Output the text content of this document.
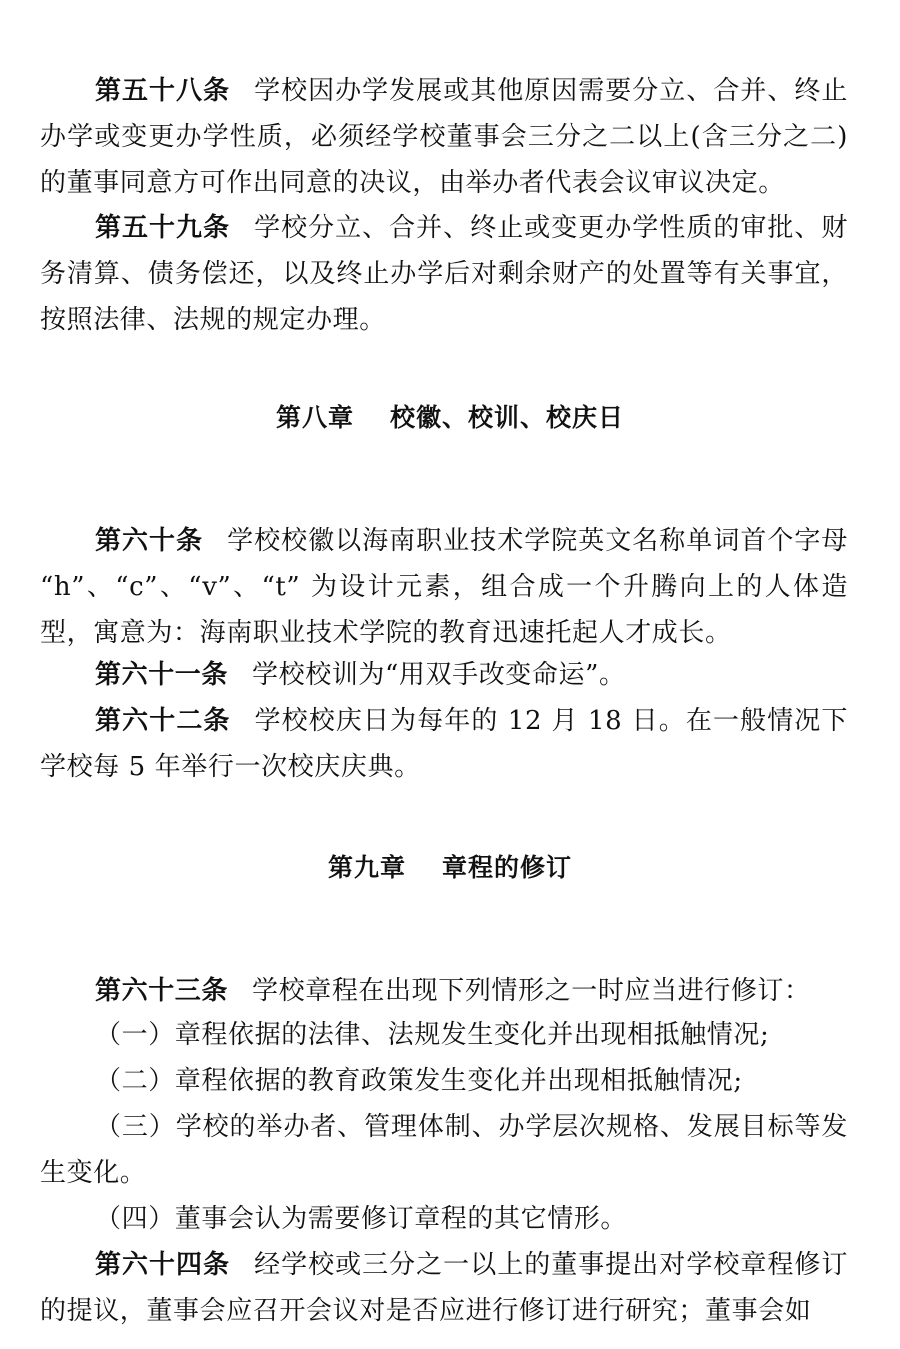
第五十八条 学校因办学发展或其他原因需要分立、合并、终止办学或变更办学性质，必须经学校董事会三分之二以上(含三分之二)的董事同意方可作出同意的决议，由举办者代表会议审议决定。

第五十九条 学校分立、合并、终止或变更办学性质的审批、财务清算、债务偿还，以及终止办学后对剩余财产的处置等有关事宜，按照法律、法规的规定办理。

第八章 校徽、校训、校庆日

第六十条 学校校徽以海南职业技术学院英文名称单词首个字母 “h”、“c”、“v”、“t” 为设计元素，组合成一个升腾向上的人体造型，寓意为：海南职业技术学院的教育迅速托起人才成长。

第六十一条 学校校训为“用双手改变命运”。

第六十二条 学校校庆日为每年的 12 月 18 日。在一般情况下学校每 5 年举行一次校庆庆典。

第九章 章程的修订

第六十三条 学校章程在出现下列情形之一时应当进行修订：

（一）章程依据的法律、法规发生变化并出现相抵触情况;

（二）章程依据的教育政策发生变化并出现相抵触情况;

（三）学校的举办者、管理体制、办学层次规格、发展目标等发生变化。

（四）董事会认为需要修订章程的其它情形。

第六十四条 经学校或三分之一以上的董事提出对学校章程修订的提议，董事会应召开会议对是否应进行修订进行研究；董事会如
